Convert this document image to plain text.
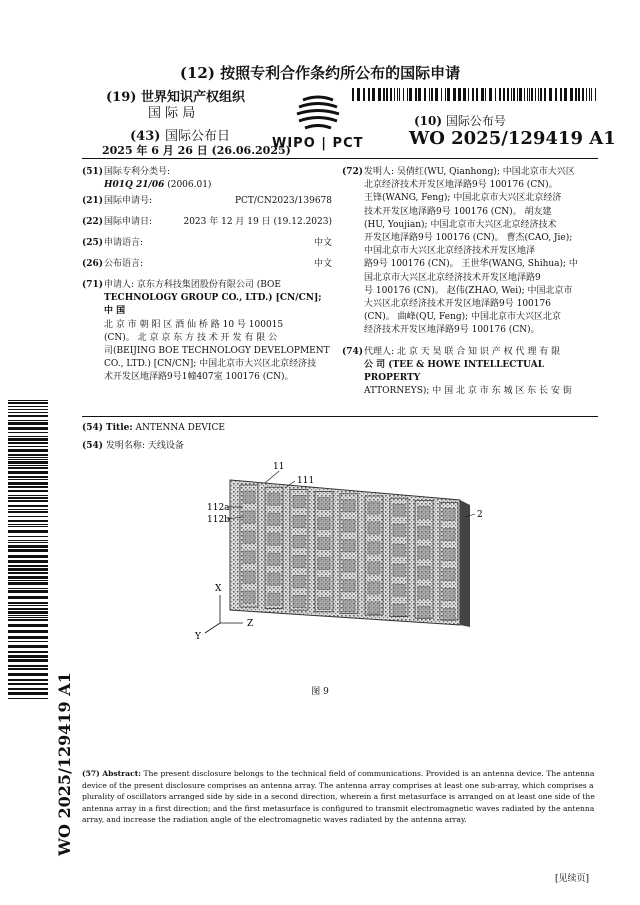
(12) 按照专利合作条约所公布的国际申请
(19) 世界知识产权组织
国 际 局
(43) 国际公布日
2025 年 6 月 26 日 (26.06.2025)
WIPO | PCT
(10) 国际公布号
WO 2025/129419 A1
(51) 国际专利分类号:
H01Q 21/06 (2006.01)
(21) 国际申请号:	PCT/CN2023/139678
(22) 国际申请日:	2023 年 12 月 19 日 (19.12.2023)
(25) 申请语言:	中文
(26) 公布语言:	中文
(71) 申请人: 京东方科技集团股份有限公司 (BOE
TECHNOLOGY GROUP CO., LTD.) [CN/CN]; 中 国
北 京 市 朝 阳 区 酒 仙 桥 路 10 号 100015
(CN)。 北 京 京 东 方 技 术 开 发 有 限 公
司(BEIJING BOE TECHNOLOGY DEVELOPMENT
CO., LTD.) [CN/CN]; 中国北京市大兴区北京经济技
术开发区地泽路9号1幢407室 100176 (CN)。
(72) 发明人: 吴倩红(WU, Qianhong); 中国北京市大兴区
北京经济技术开发区地泽路9号 100176 (CN)。
王锋(WANG, Feng); 中国北京市大兴区北京经济
技术开发区地泽路9号 100176 (CN)。 胡友建
(HU, Youjian); 中国北京市大兴区北京经济技术
开发区地泽路9号 100176 (CN)。 曹杰(CAO, Jie);
中国北京市大兴区北京经济技术开发区地泽
路9号 100176 (CN)。 王世华(WANG, Shihua); 中
国北京市大兴区北京经济技术开发区地泽路9
号 100176 (CN)。 赵伟(ZHAO, Wei); 中国北京市
大兴区北京经济技术开发区地泽路9号 100176
(CN)。 曲峰(QU, Feng); 中国北京市大兴区北京
经济技术开发区地泽路9号 100176 (CN)。
(74) 代理人: 北 京 天 昊 联 合 知 识 产 权 代 理 有 限
公 司 (TEE & HOWE INTELLECTUAL PROPERTY
ATTORNEYS); 中 国 北 京 市 东 城 区 东 长 安 街
WO 2025/129419 A1
(54) Title: ANTENNA DEVICE
(54) 发明名称: 天线设备
11
111
112a
112b	2
X
Y
Z
图 9
(57) Abstract: The present disclosure belongs to the technical field of communications. Provided is an antenna device. The antenna
device of the present disclosure comprises an antenna array. The antenna array comprises at least one sub-array, which comprises a
plurality of oscillators arranged side by side in a second direction, wherein a first metasurface is arranged on at least one side of the
antenna array in a first direction; and the first metasurface is configured to transmit electromagnetic waves radiated by the antenna
array, and increase the radiation angle of the electromagnetic waves radiated by the antenna array.
[见续页]
